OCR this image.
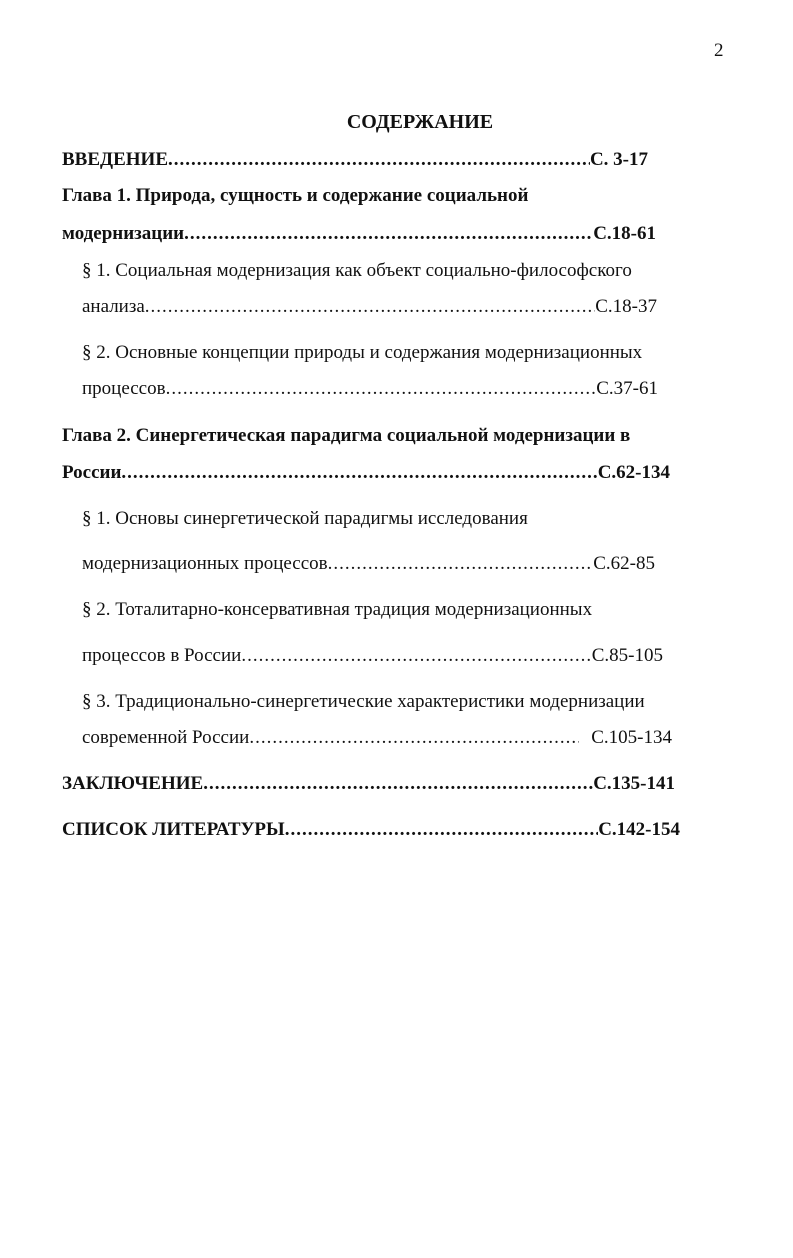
2
СОДЕРЖАНИЕ
ВВЕДЕНИЕ .....	С. 3-17
Глава 1. Природа, сущность и содержание социальной
модернизации .....	С.18-61
§ 1. Социальная модернизация как объект социально-философского
анализа .....	С.18-37
§ 2. Основные концепции природы и содержания модернизационных
процессов .....	С.37-61
Глава 2. Синергетическая парадигма социальной модернизации в
России .....	С.62-134
§ 1. Основы синергетической парадигмы исследования
модернизационных процессов .....	С.62-85
§ 2. Тоталитарно-консервативная традиция модернизационных
процессов в России .....	С.85-105
§ 3. Традиционально-синергетические характеристики модернизации
современной России .....	С.105-134
ЗАКЛЮЧЕНИЕ .....	С.135-141
СПИСОК ЛИТЕРАТУРЫ .....	С.142-154
